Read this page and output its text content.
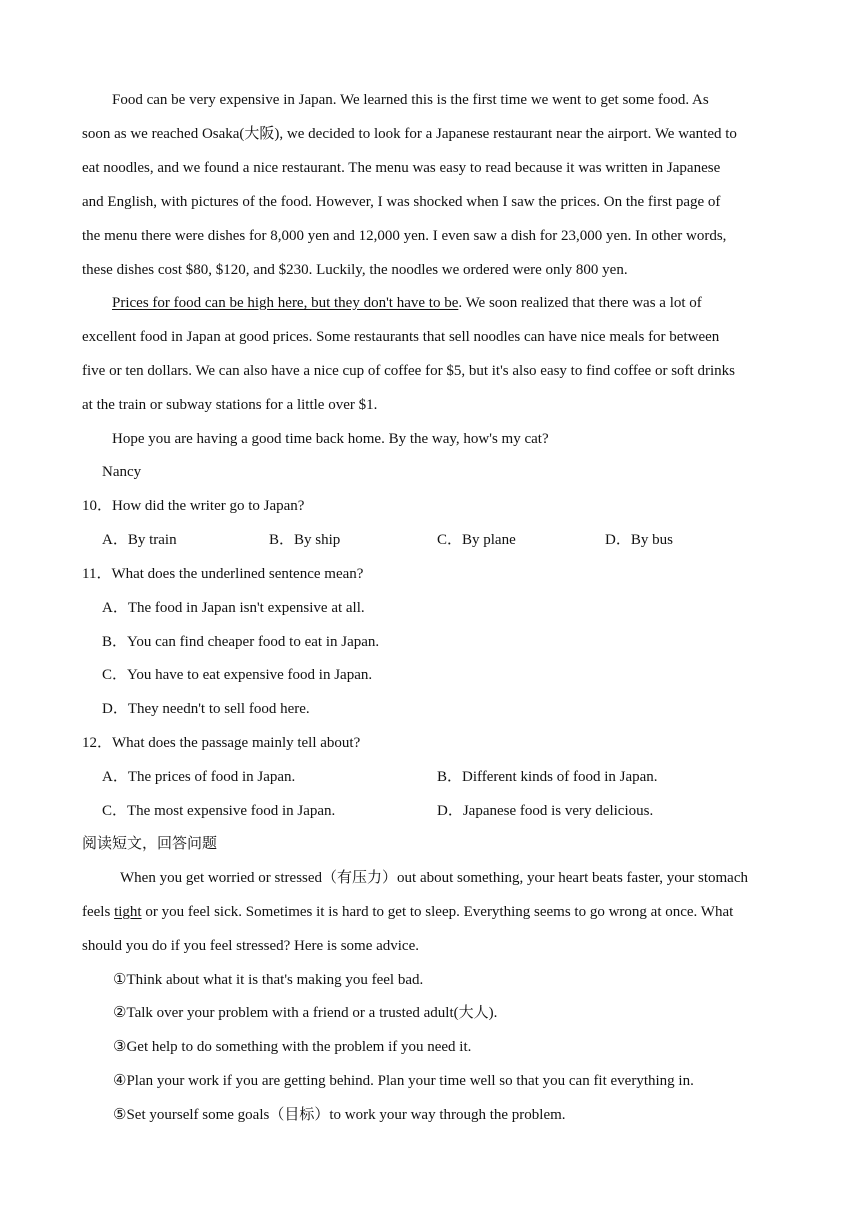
Food can be very expensive in Japan. We learned this is the first time we went to get some food. As
soon as we reached Osaka(大阪), we decided to look for a Japanese restaurant near the airport. We wanted to
eat noodles, and we found a nice restaurant. The menu was easy to read because it was written in Japanese
and English, with pictures of the food. However, I was shocked when I saw the prices. On the first page of
the menu there were dishes for 8,000 yen and 12,000 yen. I even saw a dish for 23,000 yen. In other words,
these dishes cost $80, $120, and $230. Luckily, the noodles we ordered were only 800 yen.
Prices for food can be high here, but they don't have to be. We soon realized that there was a lot of
excellent food in Japan at good prices. Some restaurants that sell noodles can have nice meals for between
five or ten dollars. We can also have a nice cup of coffee for $5, but it's also easy to find coffee or soft drinks
at the train or subway stations for a little over $1.
Hope you are having a good time back home. By the way, how's my cat?
Nancy
10．How did the writer go to Japan?
A．By train	B．By ship	C．By plane	D．By bus
11．What does the underlined sentence mean?
A．The food in Japan isn't expensive at all.
B．You can find cheaper food to eat in Japan.
C．You have to eat expensive food in Japan.
D．They needn't to sell food here.
12．What does the passage mainly tell about?
A．The prices of food in Japan.	B．Different kinds of food in Japan.
C．The most expensive food in Japan.	D．Japanese food is very delicious.
阅读短文，回答问题
When you get worried or stressed（有压力）out about something, your heart beats faster, your stomach
feels tight or you feel sick. Sometimes it is hard to get to sleep. Everything seems to go wrong at once. What
should you do if you feel stressed? Here is some advice.
①Think about what it is that's making you feel bad.
②Talk over your problem with a friend or a trusted adult(大人).
③Get help to do something with the problem if you need it.
④Plan your work if you are getting behind. Plan your time well so that you can fit everything in.
⑤Set yourself some goals（目标）to work your way through the problem.
